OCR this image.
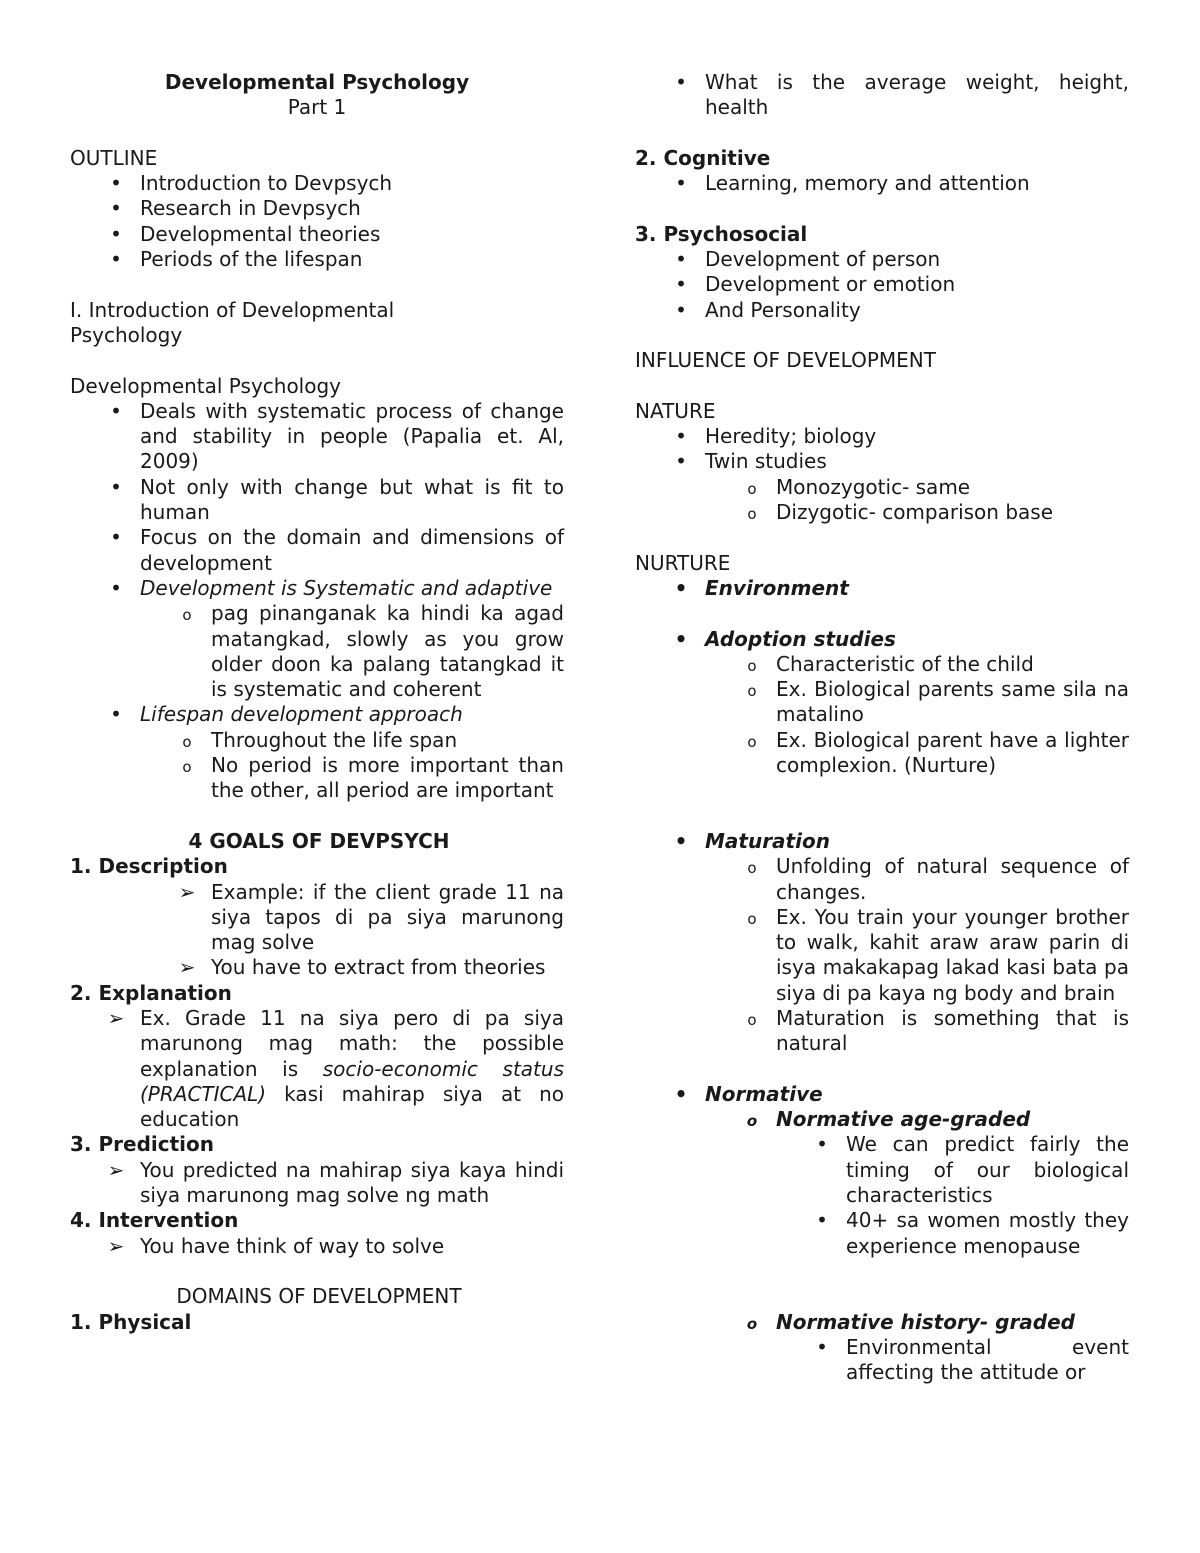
Developmental Psychology

Part 1

OUTLINE

•
Introduction to Devpsych
•
Research in Devpsych
•
Developmental theories
•
Periods of the lifespan

I. Introduction of Developmental Psychology

Developmental Psychology

•
Deals with systematic process of change and stability in people (Papalia et. Al, 2009)
•
Not only with change but what is fit to human
•
Focus on the domain and dimensions of development
•
Development is Systematic and adaptive
o
pag pinanganak ka hindi ka agad matangkad, slowly as you grow older doon ka palang tatangkad it is systematic and coherent
•
Lifespan development approach
o
Throughout the life span
o
No period is more important than the other, all period are important

4 GOALS OF DEVPSYCH

1. Description

➢
Example: if the client grade 11 na siya tapos di pa siya marunong mag solve
➢
You have to extract from theories

2. Explanation

➢
Ex. Grade 11 na siya pero di pa siya marunong mag math: the possible explanation is socio-economic status (PRACTICAL) kasi mahirap siya at no education

3. Prediction

➢
You predicted na mahirap siya kaya hindi siya marunong mag solve ng math

4. Intervention

➢
You have think of way to solve

DOMAINS OF DEVELOPMENT

1. Physical

•
What is the average weight, height, health

2. Cognitive

•
Learning, memory and attention

3. Psychosocial

•
Development of person
•
Development or emotion
•
And Personality

INFLUENCE OF DEVELOPMENT

NATURE

•
Heredity; biology
•
Twin studies
o
Monozygotic- same
o
Dizygotic- comparison base

NURTURE

•
Environment
•
Adoption studies
o
Characteristic of the child
o
Ex. Biological parents same sila na matalino
o
Ex. Biological parent have a lighter complexion. (Nurture)
•
Maturation
o
Unfolding of natural sequence of changes.
o
Ex. You train your younger brother to walk, kahit araw araw parin di isya makakapag lakad kasi bata pa siya di pa kaya ng body and brain
o
Maturation is something that is natural
•
Normative
o
Normative age-graded
•
We can predict fairly the timing of our biological characteristics
•
40+ sa women mostly they experience menopause
o
Normative history- graded
•
Environmental event affecting the attitude or
